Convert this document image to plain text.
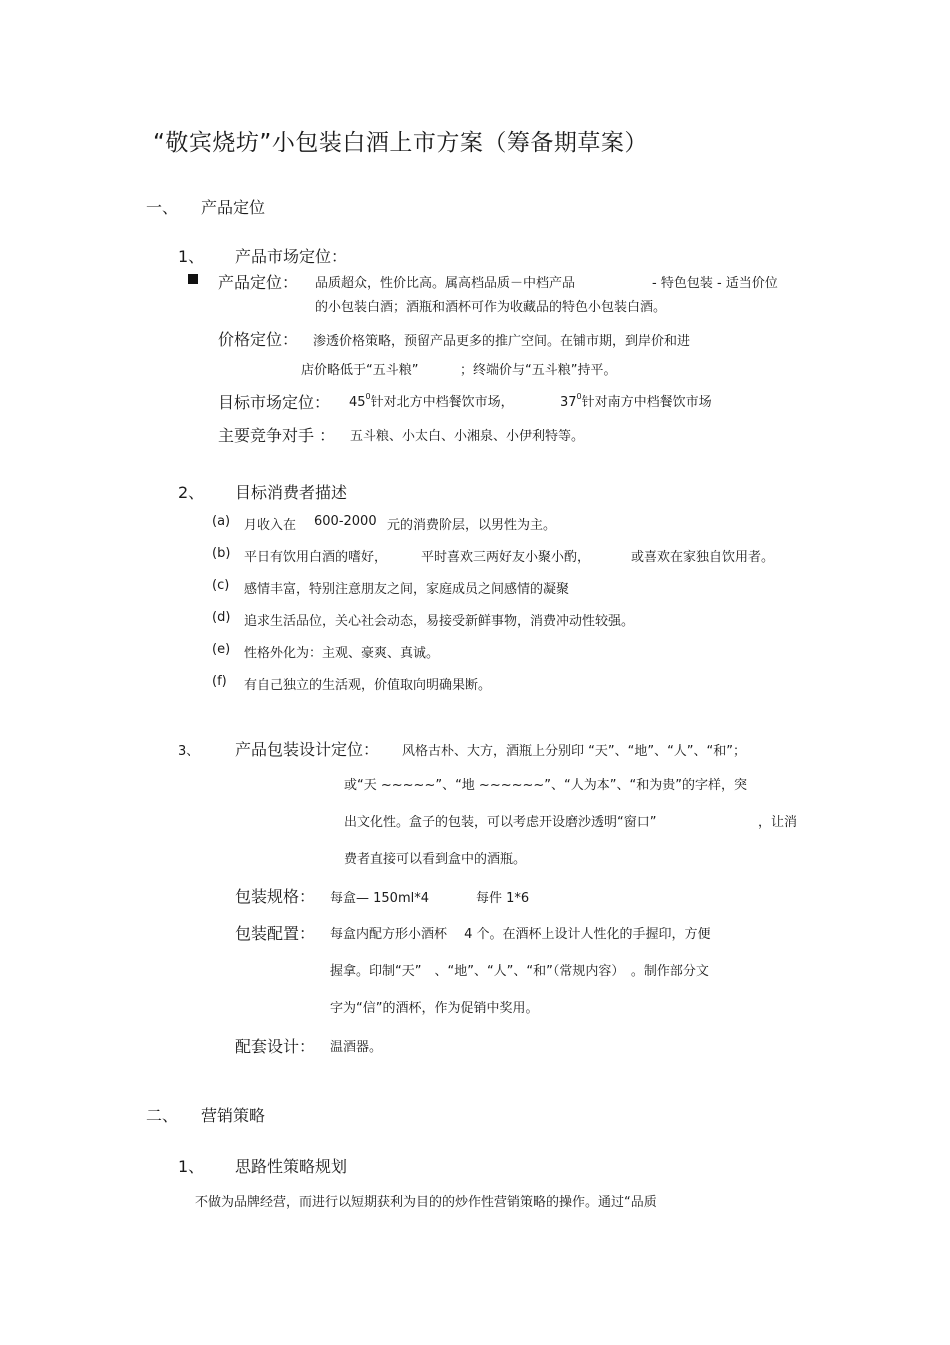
“敬宾烧坊”小包装白酒上市方案（筹备期草案）
一、 产品定位
1、 产品市场定位：
产品定位： 品质超众，性价比高。属高档品质－中档产品	- 特色包装 - 适当价位
的小包装白酒；酒瓶和酒杯可作为收藏品的特色小包装白酒。
价格定位： 渗透价格策略，预留产品更多的推广空间。在铺市期，到岸价和进
店价略低于“五斗粮”	；终端价与“五斗粮”持平。
目标市场定位： $45^0$针对北方中档餐饮市场，	$37^0$针对南方中档餐饮市场
主要竞争对手 ： 五斗粮、小太白、小湘泉、小伊利特等。
2、 目标消费者描述
(a) 月收入在 600-2000 元的消费阶层，以男性为主。
(b) 平日有饮用白酒的嗜好，	平时喜欢三两好友小聚小酌，	或喜欢在家独自饮用者。
(c) 感情丰富，特别注意朋友之间，家庭成员之间感情的凝聚
(d) 追求生活品位，关心社会动态，易接受新鲜事物，消费冲动性较强。
(e) 性格外化为：主观、豪爽、真诚。
(f) 有自己独立的生活观，价值取向明确果断。
3、 产品包装设计定位： 风格古朴、大方，酒瓶上分别印 “天”、“地”、“人”、“和”；
或“天 ~~~~~”、“地 ~~~~~~”、“人为本”、“和为贵”的字样，突
出文化性。盒子的包装，可以考虑开设磨沙透明“窗口”	，让消
费者直接可以看到盒中的酒瓶。
包装规格： 每盒— 150ml*4	每件 1*6
包装配置： 每盒内配方形小酒杯　 4 个。在酒杯上设计人性化的手握印，方便
握拿。印制“天”　、“地”、“人”、“和”（常规内容）　。制作部分文
字为“信”的酒杯，作为促销中奖用。
配套设计： 温酒器。
二、 营销策略
1、 思路性策略规划
不做为品牌经营，而进行以短期获利为目的的炒作性营销策略的操作。通过“品质
